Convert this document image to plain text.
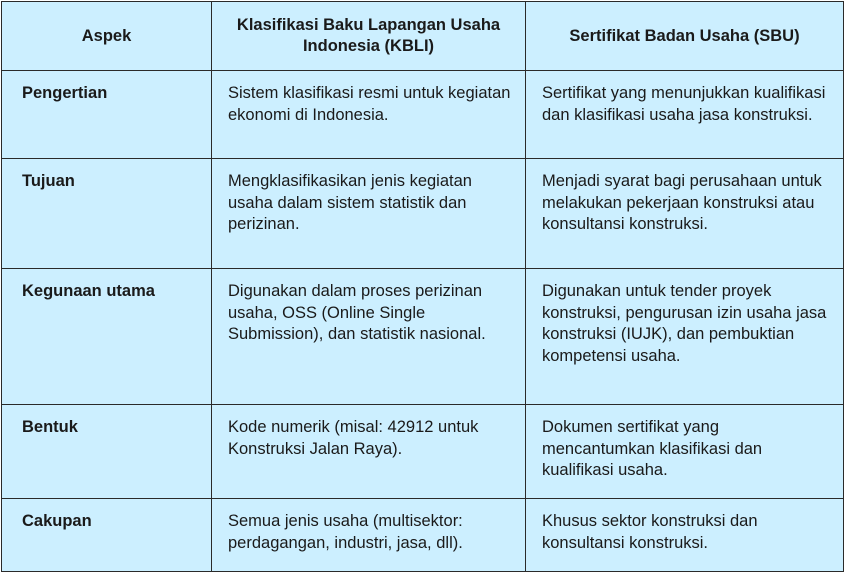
Aspek	Klasifikasi Baku Lapangan Usaha Indonesia (KBLI)	Sertifikat Badan Usaha (SBU)
Pengertian	Sistem klasifikasi resmi untuk kegiatan ekonomi di Indonesia.	Sertifikat yang menunjukkan kualifikasi dan klasifikasi usaha jasa konstruksi.
Tujuan	Mengklasifikasikan jenis kegiatan usaha dalam sistem statistik dan perizinan.	Menjadi syarat bagi perusahaan untuk melakukan pekerjaan konstruksi atau konsultansi konstruksi.
Kegunaan utama	Digunakan dalam proses perizinan usaha, OSS (Online Single Submission), dan statistik nasional.	Digunakan untuk tender proyek konstruksi, pengurusan izin usaha jasa konstruksi (IUJK), dan pembuktian kompetensi usaha.
Bentuk	Kode numerik (misal: 42912 untuk Konstruksi Jalan Raya).	Dokumen sertifikat yang mencantumkan klasifikasi dan kualifikasi usaha.
Cakupan	Semua jenis usaha (multisektor: perdagangan, industri, jasa, dll).	Khusus sektor konstruksi dan konsultansi konstruksi.
